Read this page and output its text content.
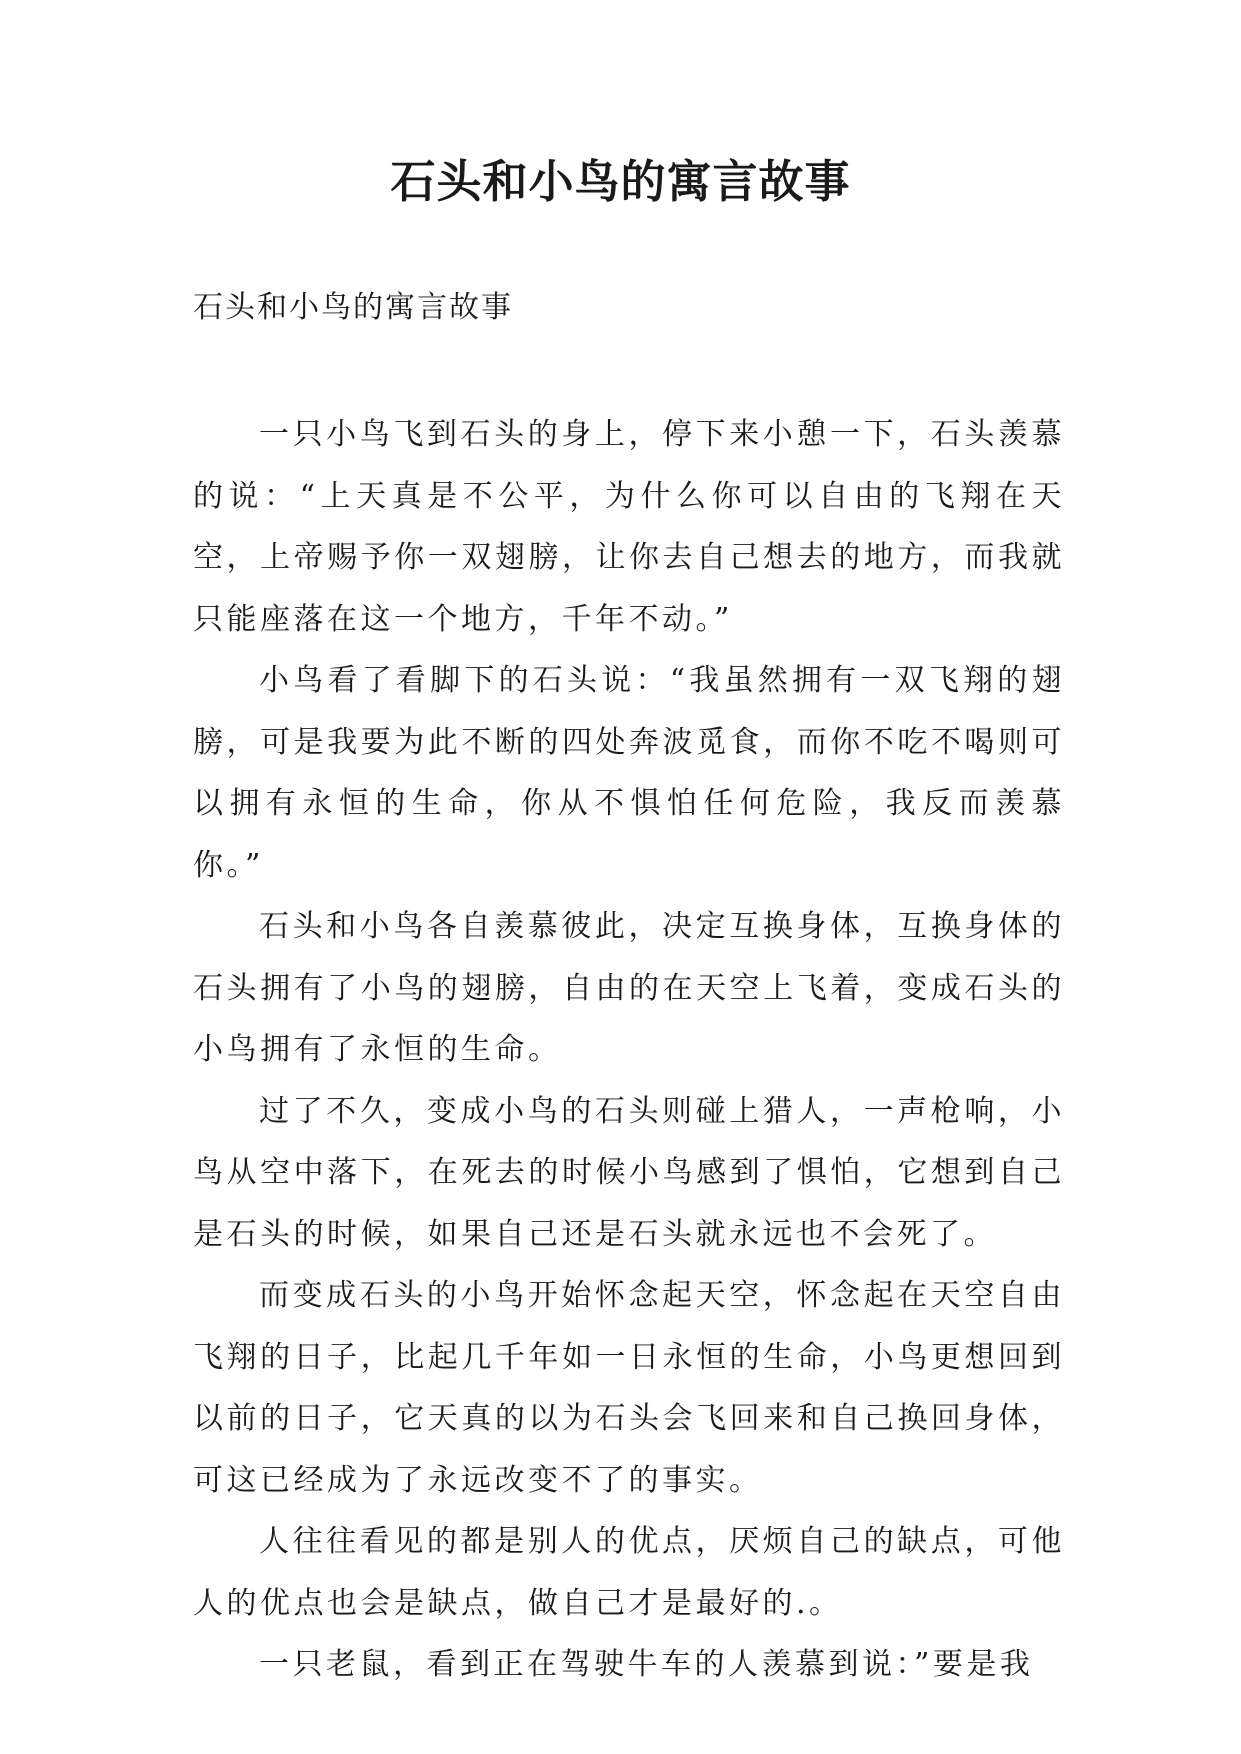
石头和小鸟的寓言故事

石头和小鸟的寓言故事

一只小鸟飞到石头的身上，停下来小憩一下，石头羡慕的说：“上天真是不公平，为什么你可以自由的飞翔在天空，上帝赐予你一双翅膀，让你去自己想去的地方，而我就只能座落在这一个地方，千年不动。”

小鸟看了看脚下的石头说：“我虽然拥有一双飞翔的翅膀，可是我要为此不断的四处奔波觅食，而你不吃不喝则可以拥有永恒的生命，你从不惧怕任何危险，我反而羡慕你。”

石头和小鸟各自羡慕彼此，决定互换身体，互换身体的石头拥有了小鸟的翅膀，自由的在天空上飞着，变成石头的小鸟拥有了永恒的生命。

过了不久，变成小鸟的石头则碰上猎人，一声枪响，小鸟从空中落下，在死去的时候小鸟感到了惧怕，它想到自己是石头的时候，如果自己还是石头就永远也不会死了。

而变成石头的小鸟开始怀念起天空，怀念起在天空自由飞翔的日子，比起几千年如一日永恒的生命，小鸟更想回到以前的日子，它天真的以为石头会飞回来和自己换回身体，可这已经成为了永远改变不了的事实。

人往往看见的都是别人的优点，厌烦自己的缺点，可他人的优点也会是缺点，做自己才是最好的.。

一只老鼠，看到正在驾驶牛车的人羡慕到说：”要是我
